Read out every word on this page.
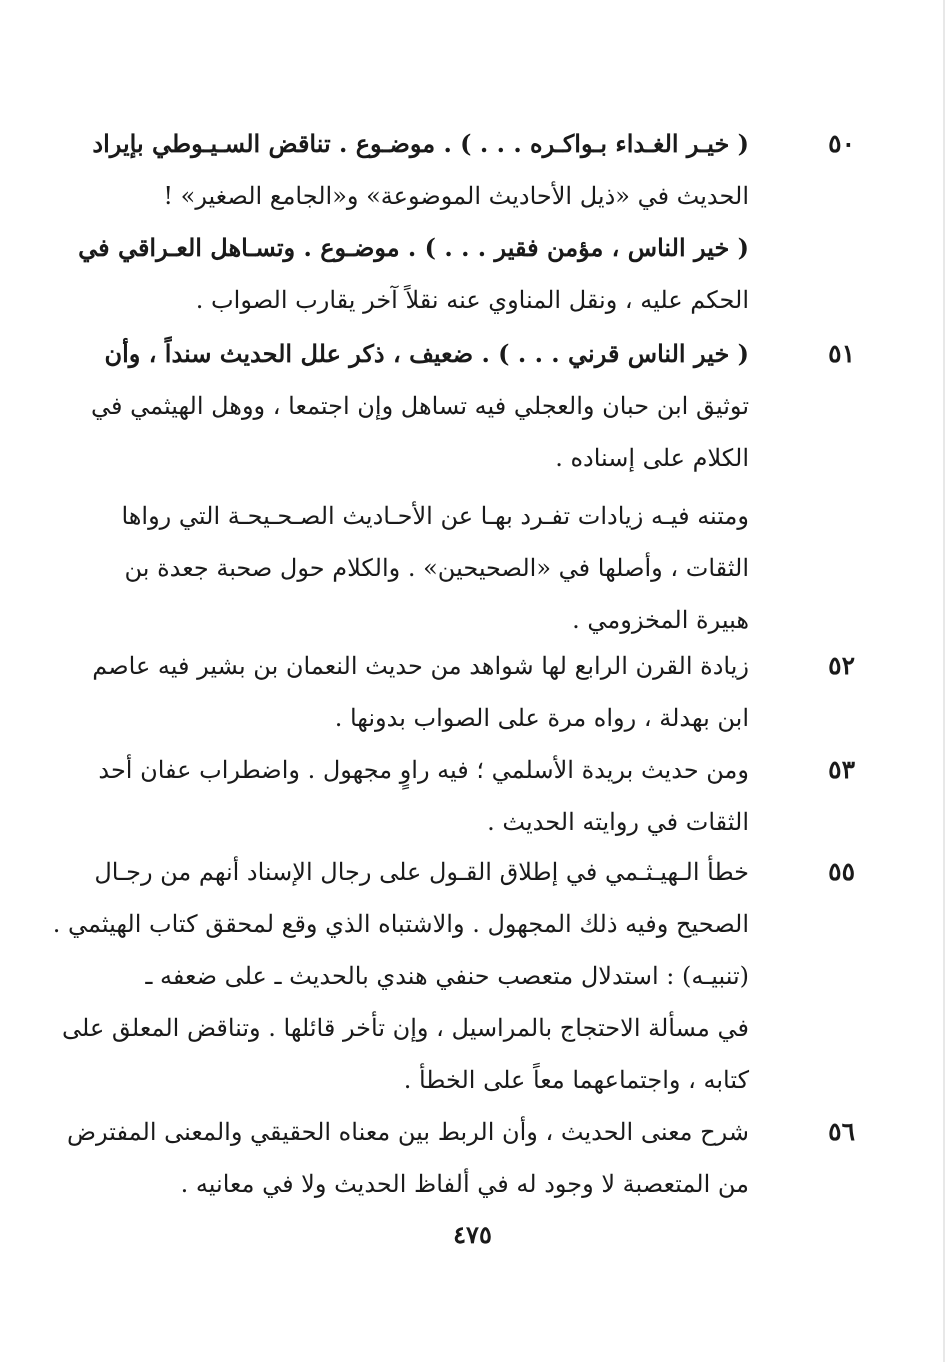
٥٠
( خيـر الغـداء بـواكـره . . . ) . موضـوع . تناقض السـيـوطي بإيراد
الحديث في «ذيل الأحاديث الموضوعة» و«الجامع الصغير» !
( خير الناس ، مؤمن فقير . . . ) . موضـوع . وتسـاهل العـراقي في
الحكم عليه ، ونقل المناوي عنه نقلاً آخر يقارب الصواب .
٥١
( خير الناس قرني . . . ) . ضعيف ، ذكر علل الحديث سنداً ، وأن
توثيق ابن حبان والعجلي فيه تساهل وإن اجتمعا ، ووهل الهيثمي في
الكلام على إسناده .
ومتنه فيـه زيادات تفـرد بهـا عن الأحـاديث الصـحـيحـة التي رواها
الثقات ، وأصلها في «الصحيحين» . والكلام حول صحبة جعدة بن
هبيرة المخزومي .
٥٢
زيادة القرن الرابع لها شواهد من حديث النعمان بن بشير فيه عاصم
ابن بهدلة ، رواه مرة على الصواب بدونها .
٥٣
ومن حديث بريدة الأسلمي ؛ فيه راوٍ مجهول . واضطراب عفان أحد
الثقات في روايته الحديث .
٥٥
خطأ الـهيـثـمي في إطلاق القـول على رجال الإسناد أنهم من رجـال
الصحيح وفيه ذلك المجهول . والاشتباه الذي وقع لمحقق كتاب الهيثمي .
(تنبيـه) : استدلال متعصب حنفي هندي بالحديث ـ على ضعفه ـ
في مسألة الاحتجاج بالمراسيل ، وإن تأخر قائلها . وتناقض المعلق على
كتابه ، واجتماعهما معاً على الخطأ .
٥٦
شرح معنى الحديث ، وأن الربط بين معناه الحقيقي والمعنى المفترض
من المتعصبة لا وجود له في ألفاظ الحديث ولا في معانيه .
٤٧٥
